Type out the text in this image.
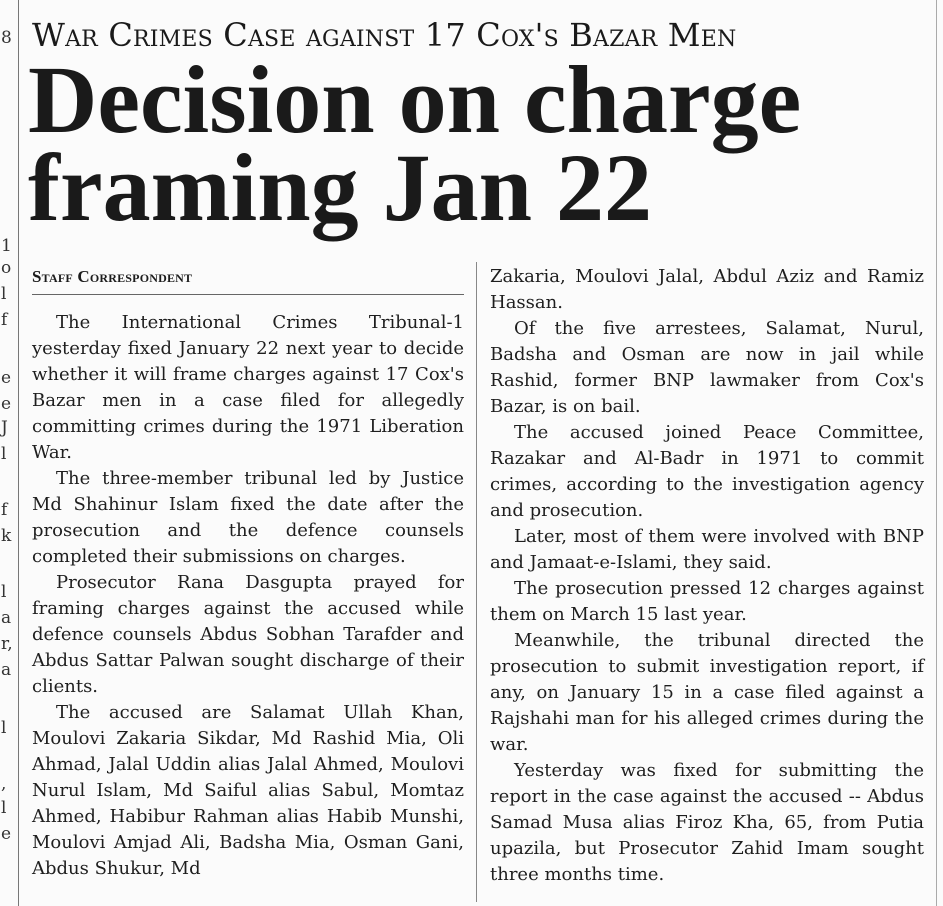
8
1
o
l
f
e
e
J
l
f
k
l
a
r,
a
l
,
l
e
War Crimes Case against 17 Cox's Bazar Men
Decision on charge
framing Jan 22
Staff Correspondent

The International Crimes Tribunal-1 yesterday fixed January 22 next year to decide whether it will frame charges against 17 Cox's Bazar men in a case filed for allegedly committing crimes during the 1971 Liberation War.

The three-member tribunal led by Justice Md Shahinur Islam fixed the date after the prosecution and the defence counsels completed their submissions on charges.

Prosecutor Rana Dasgupta prayed for framing charges against the accused while defence counsels Abdus Sobhan Tarafder and Abdus Sattar Palwan sought discharge of their clients.

The accused are Salamat Ullah Khan, Moulovi Zakaria Sikdar, Md Rashid Mia, Oli Ahmad, Jalal Uddin alias Jalal Ahmed, Moulovi Nurul Islam, Md Saiful alias Sabul, Momtaz Ahmed, Habibur Rahman alias Habib Munshi, Moulovi Amjad Ali, Badsha Mia, Osman Gani, Abdus Shukur, Md

Zakaria, Moulovi Jalal, Abdul Aziz and Ramiz Hassan.

Of the five arrestees, Salamat, Nurul, Badsha and Osman are now in jail while Rashid, former BNP lawmaker from Cox's Bazar, is on bail.

The accused joined Peace Committee, Razakar and Al-Badr in 1971 to commit crimes, according to the investigation agency and prosecution.

Later, most of them were involved with BNP and Jamaat-e-Islami, they said.

The prosecution pressed 12 charges against them on March 15 last year.

Meanwhile, the tribunal directed the prosecution to submit investigation report, if any, on January 15 in a case filed against a Rajshahi man for his alleged crimes during the war.

Yesterday was fixed for submitting the report in the case against the accused -- Abdus Samad Musa alias Firoz Kha, 65, from Putia upazila, but Prosecutor Zahid Imam sought three months time.
